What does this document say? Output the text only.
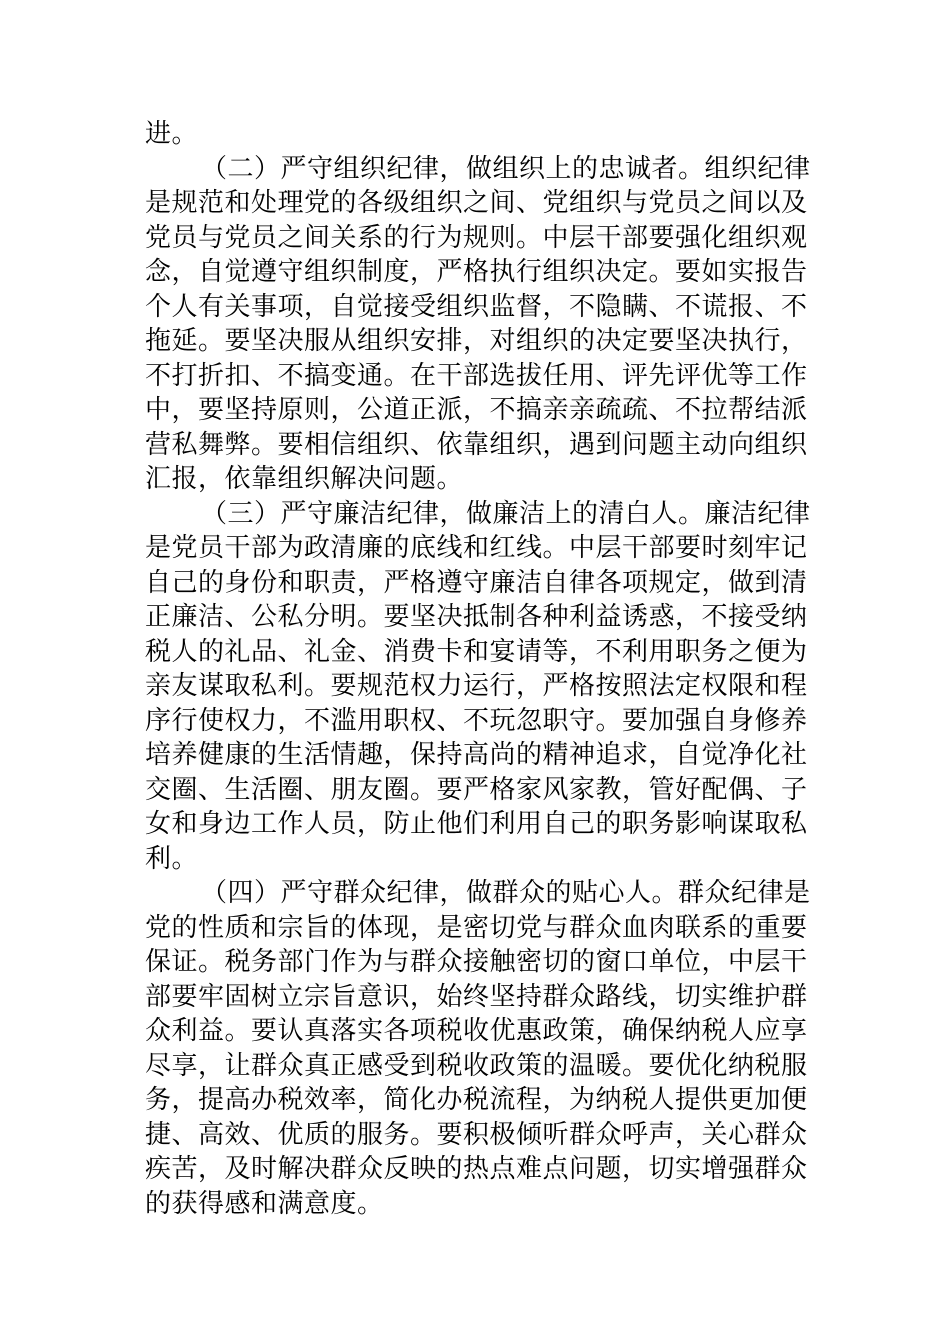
进。
（二）严守组织纪律，做组织上的忠诚者。组织纪律
是规范和处理党的各级组织之间、党组织与党员之间以及
党员与党员之间关系的行为规则。中层干部要强化组织观
念，自觉遵守组织制度，严格执行组织决定。要如实报告
个人有关事项，自觉接受组织监督，不隐瞒、不谎报、不
拖延。要坚决服从组织安排，对组织的决定要坚决执行，
不打折扣、不搞变通。在干部选拔任用、评先评优等工作
中，要坚持原则，公道正派，不搞亲亲疏疏、不拉帮结派
营私舞弊。要相信组织、依靠组织，遇到问题主动向组织
汇报，依靠组织解决问题。
（三）严守廉洁纪律，做廉洁上的清白人。廉洁纪律
是党员干部为政清廉的底线和红线。中层干部要时刻牢记
自己的身份和职责，严格遵守廉洁自律各项规定，做到清
正廉洁、公私分明。要坚决抵制各种利益诱惑，不接受纳
税人的礼品、礼金、消费卡和宴请等，不利用职务之便为
亲友谋取私利。要规范权力运行，严格按照法定权限和程
序行使权力，不滥用职权、不玩忽职守。要加强自身修养
培养健康的生活情趣，保持高尚的精神追求，自觉净化社
交圈、生活圈、朋友圈。要严格家风家教，管好配偶、子
女和身边工作人员，防止他们利用自己的职务影响谋取私
利。
（四）严守群众纪律，做群众的贴心人。群众纪律是
党的性质和宗旨的体现，是密切党与群众血肉联系的重要
保证。税务部门作为与群众接触密切的窗口单位，中层干
部要牢固树立宗旨意识，始终坚持群众路线，切实维护群
众利益。要认真落实各项税收优惠政策，确保纳税人应享
尽享，让群众真正感受到税收政策的温暖。要优化纳税服
务，提高办税效率，简化办税流程，为纳税人提供更加便
捷、高效、优质的服务。要积极倾听群众呼声，关心群众
疾苦，及时解决群众反映的热点难点问题，切实增强群众
的获得感和满意度。
